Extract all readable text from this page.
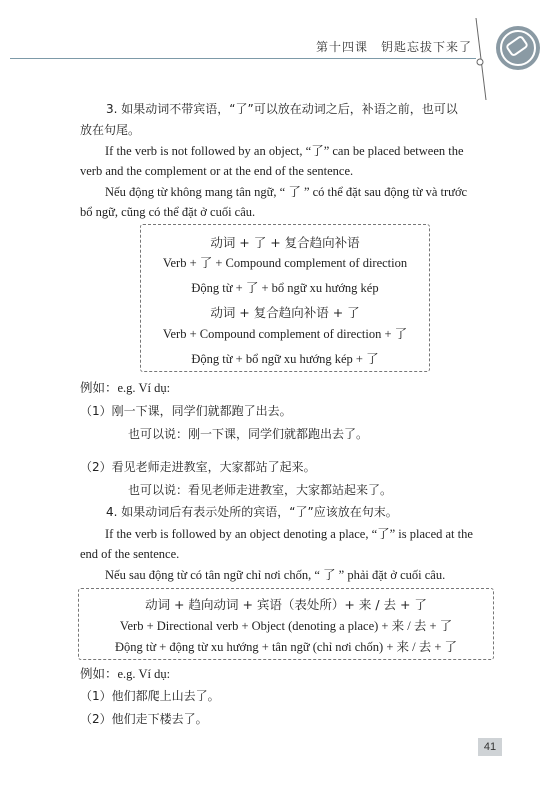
第十四课　钥匙忘拔下来了
3. 如果动词不带宾语，“了”可以放在动词之后，补语之前，也可以
放在句尾。
If the verb is not followed by an object, “了” can be placed between the
verb and the complement or at the end of the sentence.
Nếu động từ không mang tân ngữ, “ 了 ” có thể đặt sau động từ và trước
bổ ngữ, cũng có thể đặt ở cuối câu.
动词 + 了 + 复合趋向补语
Verb + 了 + Compound complement of direction
Động từ + 了 + bổ ngữ xu hướng kép
动词 + 复合趋向补语 + 了
Verb + Compound complement of direction + 了
Động từ + bổ ngữ xu hướng kép + 了
例如：e.g. Ví dụ:
（1）刚一下课，同学们就都跑了出去。
也可以说：刚一下课，同学们就都跑出去了。
（2）看见老师走进教室，大家都站了起来。
也可以说：看见老师走进教室，大家都站起来了。
4. 如果动词后有表示处所的宾语，“了”应该放在句末。
If the verb is followed by an object denoting a place, “了” is placed at the
end of the sentence.
Nếu sau động từ có tân ngữ chỉ nơi chốn, “ 了 ” phải đặt ở cuối câu.
动词 + 趋向动词 + 宾语（表处所）+ 来 / 去 + 了
Verb + Directional verb + Object (denoting a place) + 来 / 去 + 了
Động từ + động từ xu hướng + tân ngữ (chỉ nơi chốn) + 来 / 去 + 了
例如：e.g. Ví dụ:
（1）他们都爬上山去了。
（2）他们走下楼去了。
41
